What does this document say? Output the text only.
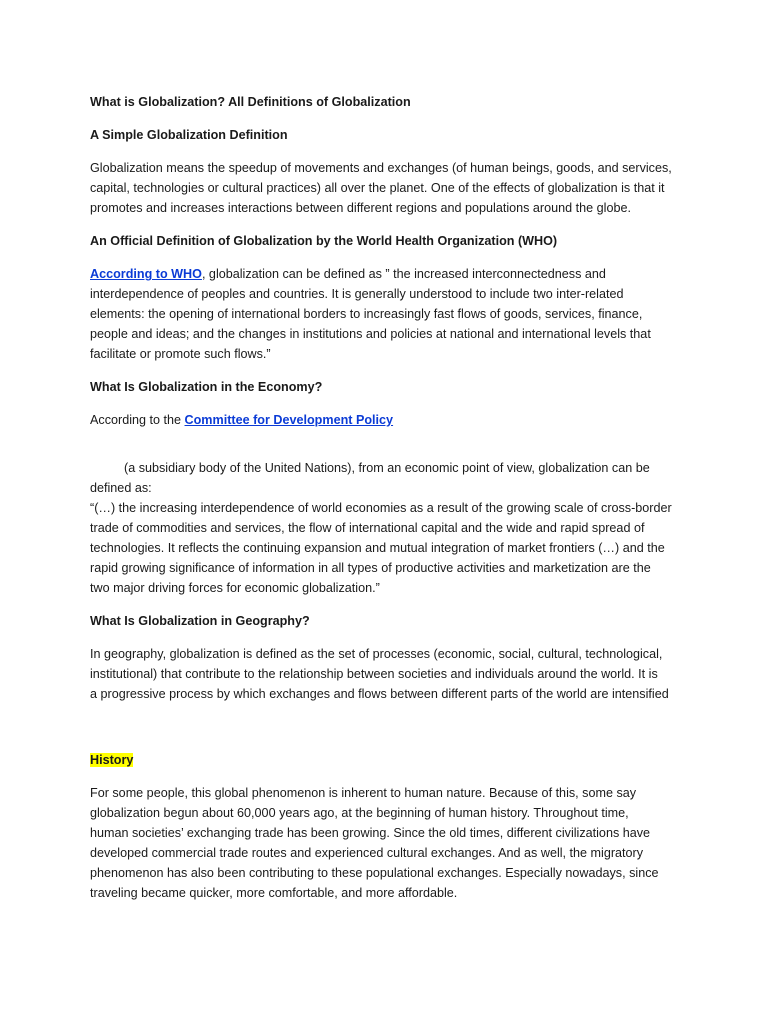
What is Globalization? All Definitions of Globalization
A Simple Globalization Definition
Globalization means the speedup of movements and exchanges (of human beings, goods, and services,
capital, technologies or cultural practices) all over the planet. One of the effects of globalization is that it
promotes and increases interactions between different regions and populations around the globe.
An Official Definition of Globalization by the World Health Organization (WHO)
According to WHO, globalization can be defined as ” the increased interconnectedness and
interdependence of peoples and countries. It is generally understood to include two inter-related
elements: the opening of international borders to increasingly fast flows of goods, services, finance,
people and ideas; and the changes in institutions and policies at national and international levels that
facilitate or promote such flows.”
What Is Globalization in the Economy?
According to the Committee for Development Policy
(a subsidiary body of the United Nations), from an economic point of view, globalization can be
defined as:
“(…) the increasing interdependence of world economies as a result of the growing scale of cross-border
trade of commodities and services, the flow of international capital and the wide and rapid spread of
technologies. It reflects the continuing expansion and mutual integration of market frontiers (…) and the
rapid growing significance of information in all types of productive activities and marketization are the
two major driving forces for economic globalization.”
What Is Globalization in Geography?
In geography, globalization is defined as the set of processes (economic, social, cultural, technological,
institutional) that contribute to the relationship between societies and individuals around the world. It is
a progressive process by which exchanges and flows between different parts of the world are intensified
History
For some people, this global phenomenon is inherent to human nature. Because of this, some say
globalization begun about 60,000 years ago, at the beginning of human history. Throughout time,
human societies’ exchanging trade has been growing. Since the old times, different civilizations have
developed commercial trade routes and experienced cultural exchanges. And as well, the migratory
phenomenon has also been contributing to these populational exchanges. Especially nowadays, since
traveling became quicker, more comfortable, and more affordable.
